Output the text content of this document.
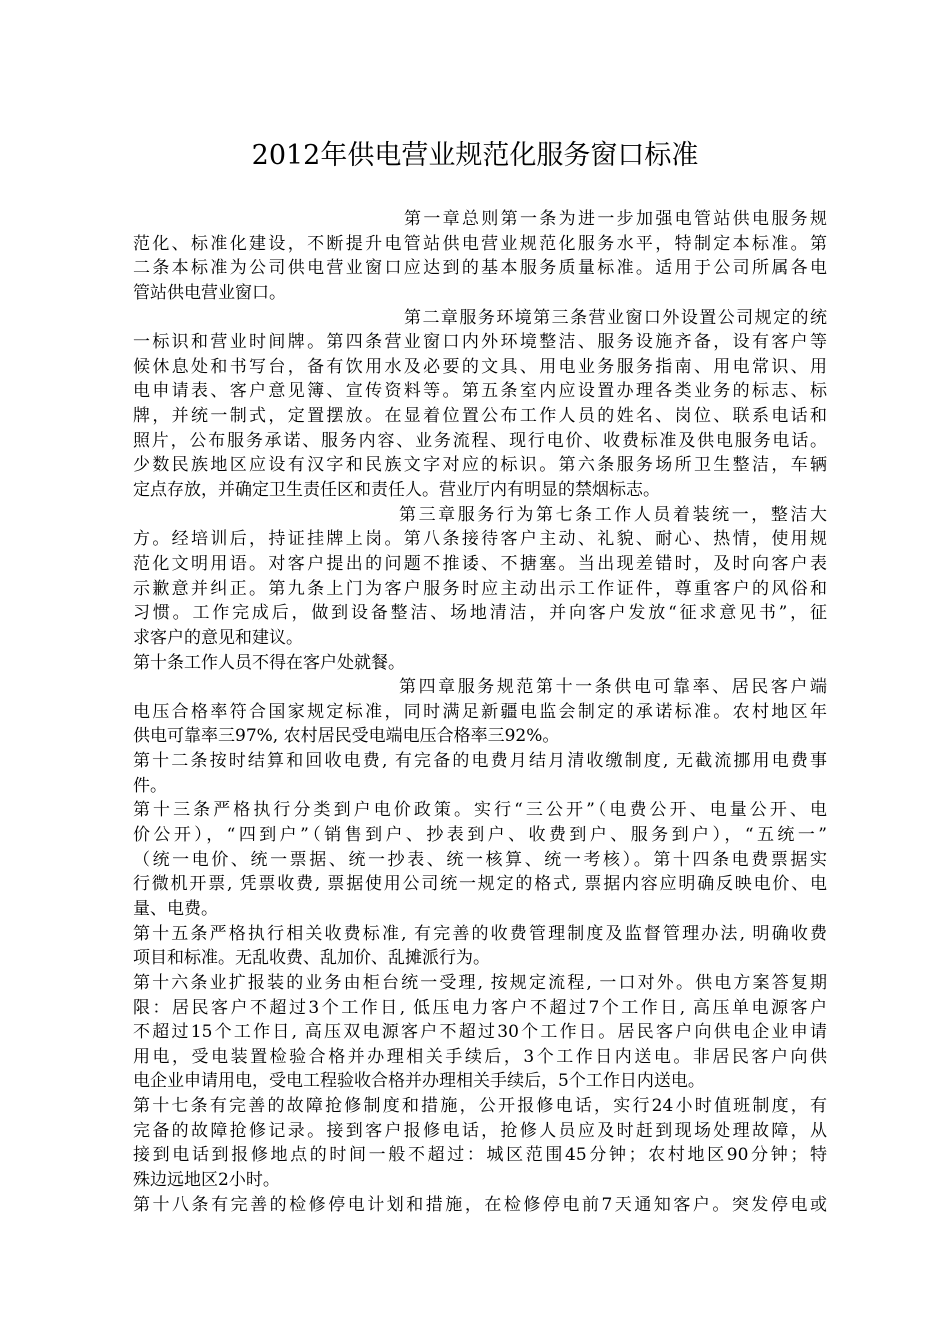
2012年供电营业规范化服务窗口标准
第一章总则第一条为进一步加强电管站供电服务规
范化、标准化建设，不断提升电管站供电营业规范化服务水平，特制定本标准。第
二条本标准为公司供电营业窗口应达到的基本服务质量标准。适用于公司所属各电
管站供电营业窗口。
第二章服务环境第三条营业窗口外设置公司规定的统
一标识和营业时间牌。第四条营业窗口内外环境整洁、服务设施齐备，设有客户等
候休息处和书写台，备有饮用水及必要的文具、用电业务服务指南、用电常识、用
电申请表、客户意见簿、宣传资料等。第五条室内应设置办理各类业务的标志、标
牌，并统一制式，定置摆放。在显着位置公布工作人员的姓名、岗位、联系电话和
照片，公布服务承诺、服务内容、业务流程、现行电价、收费标准及供电服务电话。
少数民族地区应设有汉字和民族文字对应的标识。第六条服务场所卫生整洁，车辆
定点存放，并确定卫生责任区和责任人。营业厅内有明显的禁烟标志。
第三章服务行为第七条工作人员着装统一，整洁大
方。经培训后，持证挂牌上岗。第八条接待客户主动、礼貌、耐心、热情，使用规
范化文明用语。对客户提出的问题不推诿、不搪塞。当出现差错时，及时向客户表
示歉意并纠正。第九条上门为客户服务时应主动出示工作证件，尊重客户的风俗和
习惯。工作完成后，做到设备整洁、场地清洁，并向客户发放“征求意见书”，征
求客户的意见和建议。
第十条工作人员不得在客户处就餐。
第四章服务规范第十一条供电可靠率、居民客户端
电压合格率符合国家规定标准，同时满足新疆电监会制定的承诺标准。农村地区年
供电可靠率三97%, 农村居民受电端电压合格率三92%。
第十二条按时结算和回收电费, 有完备的电费月结月清收缴制度, 无截流挪用电费事
件。
第十三条严格执行分类到户电价政策。实行“三公开”（电费公开、电量公开、电
价公开），“四到户”（销售到户、抄表到户、收费到户、服务到户），“五统一”
（统一电价、统一票据、统一抄表、统一核算、统一考核）。第十四条电费票据实
行微机开票, 凭票收费, 票据使用公司统一规定的格式, 票据内容应明确反映电价、电
量、电费。
第十五条严格执行相关收费标准, 有完善的收费管理制度及监督管理办法, 明确收费
项目和标准。无乱收费、乱加价、乱摊派行为。
第十六条业扩报装的业务由柜台统一受理, 按规定流程, 一口对外。供电方案答复期
限：居民客户不超过3个工作日, 低压电力客户不超过7个工作日, 高压单电源客户
不超过15个工作日, 高压双电源客户不超过30个工作日。居民客户向供电企业申请
用电，受电装置检验合格并办理相关手续后，3个工作日内送电。非居民客户向供
电企业申请用电，受电工程验收合格并办理相关手续后，5个工作日内送电。
第十七条有完善的故障抢修制度和措施，公开报修电话，实行24小时值班制度，有
完备的故障抢修记录。接到客户报修电话，抢修人员应及时赶到现场处理故障，从
接到电话到报修地点的时间一般不超过：城区范围45分钟；农村地区90分钟；特
殊边远地区2小时。
第十八条有完善的检修停电计划和措施，在检修停电前7天通知客户。突发停电或
